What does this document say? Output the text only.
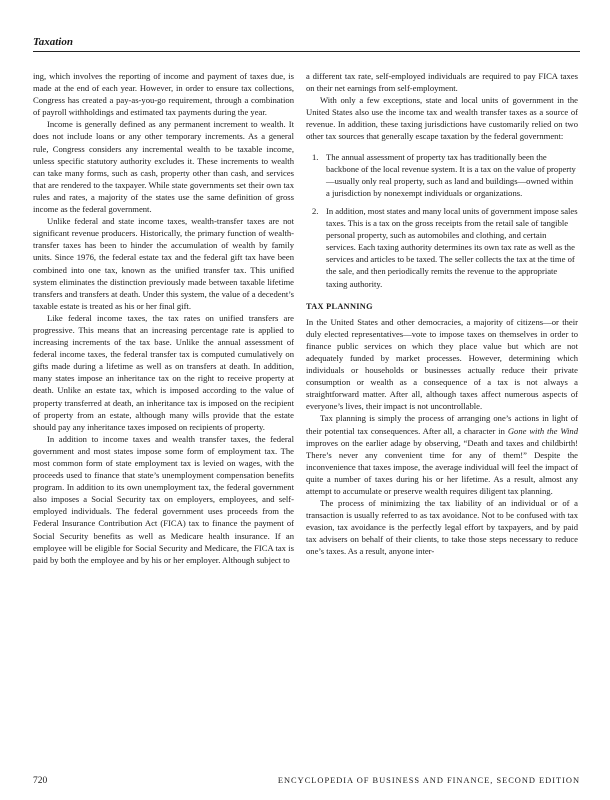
Taxation

ing, which involves the reporting of income and payment of taxes due, is made at the end of each year. However, in order to ensure tax collections, Congress has created a pay-as-you-go requirement, through a combination of payroll withholdings and estimated tax payments during the year.

Income is generally defined as any permanent increment to wealth. It does not include loans or any other temporary increments. As a general rule, Congress considers any incremental wealth to be taxable income, unless specific statutory authority excludes it. These increments to wealth can take many forms, such as cash, property other than cash, and services that are rendered to the taxpayer. While state governments set their own tax rules and rates, a majority of the states use the same definition of gross income as the federal government.

Unlike federal and state income taxes, wealth-transfer taxes are not significant revenue producers. Historically, the primary function of wealth-transfer taxes has been to hinder the accumulation of wealth by family units. Since 1976, the federal estate tax and the federal gift tax have been combined into one tax, known as the unified transfer tax. This unified system eliminates the distinction previously made between taxable lifetime transfers and transfers at death. Under this system, the value of a decedent’s taxable estate is treated as his or her final gift.

Like federal income taxes, the tax rates on unified transfers are progressive. This means that an increasing percentage rate is applied to increasing increments of the tax base. Unlike the annual assessment of federal income taxes, the federal transfer tax is computed cumulatively on gifts made during a lifetime as well as on transfers at death. In addition, many states impose an inheritance tax on the right to receive property at death. Unlike an estate tax, which is imposed according to the value of property transferred at death, an inheritance tax is imposed on the recipient of property from an estate, although many wills provide that the estate should pay any inheritance taxes imposed on recipients of property.

In addition to income taxes and wealth transfer taxes, the federal government and most states impose some form of employment tax. The most common form of state employment tax is levied on wages, with the proceeds used to finance that state’s unemployment compensation benefits program. In addition to its own unemployment tax, the federal government also imposes a Social Security tax on employers, employees, and self-employed individuals. The federal government uses proceeds from the Federal Insurance Contribution Act (FICA) tax to finance the payment of Social Security benefits as well as Medicare health insurance. If an employee will be eligible for Social Security and Medicare, the FICA tax is paid by both the employee and by his or her employer. Although subject to

a different tax rate, self-employed individuals are required to pay FICA taxes on their net earnings from self-employment.

With only a few exceptions, state and local units of government in the United States also use the income tax and wealth transfer taxes as a source of revenue. In addition, these taxing jurisdictions have customarily relied on two other tax sources that generally escape taxation by the federal government:

1. The annual assessment of property tax has traditionally been the backbone of the local revenue system. It is a tax on the value of property—usually only real property, such as land and buildings—owned within a jurisdiction by nonexempt individuals or organizations.
2. In addition, most states and many local units of government impose sales taxes. This is a tax on the gross receipts from the retail sale of tangible personal property, such as automobiles and clothing, and certain services. Each taxing authority determines its own tax rate as well as the services and articles to be taxed. The seller collects the tax at the time of the sale, and then periodically remits the revenue to the appropriate taxing authority.
TAX PLANNING

In the United States and other democracies, a majority of citizens—or their duly elected representatives—vote to impose taxes on themselves in order to finance public services on which they place value but which are not adequately funded by market processes. However, determining which individuals or households or businesses actually reduce their private consumption or wealth as a consequence of a tax is not always a straightforward matter. After all, although taxes affect numerous aspects of everyone’s lives, their impact is not uncontrollable.

Tax planning is simply the process of arranging one’s actions in light of their potential tax consequences. After all, a character in Gone with the Wind improves on the earlier adage by observing, “Death and taxes and childbirth! There’s never any convenient time for any of them!” Despite the inconvenience that taxes impose, the average individual will feel the impact of quite a number of taxes during his or her lifetime. As a result, almost any attempt to accumulate or preserve wealth requires diligent tax planning.

The process of minimizing the tax liability of an individual or of a transaction is usually referred to as tax avoidance. Not to be confused with tax evasion, tax avoidance is the perfectly legal effort by taxpayers, and by paid tax advisers on behalf of their clients, to take those steps necessary to reduce one’s taxes. As a result, anyone inter-

720	ENCYCLOPEDIA OF BUSINESS AND FINANCE, SECOND EDITION
